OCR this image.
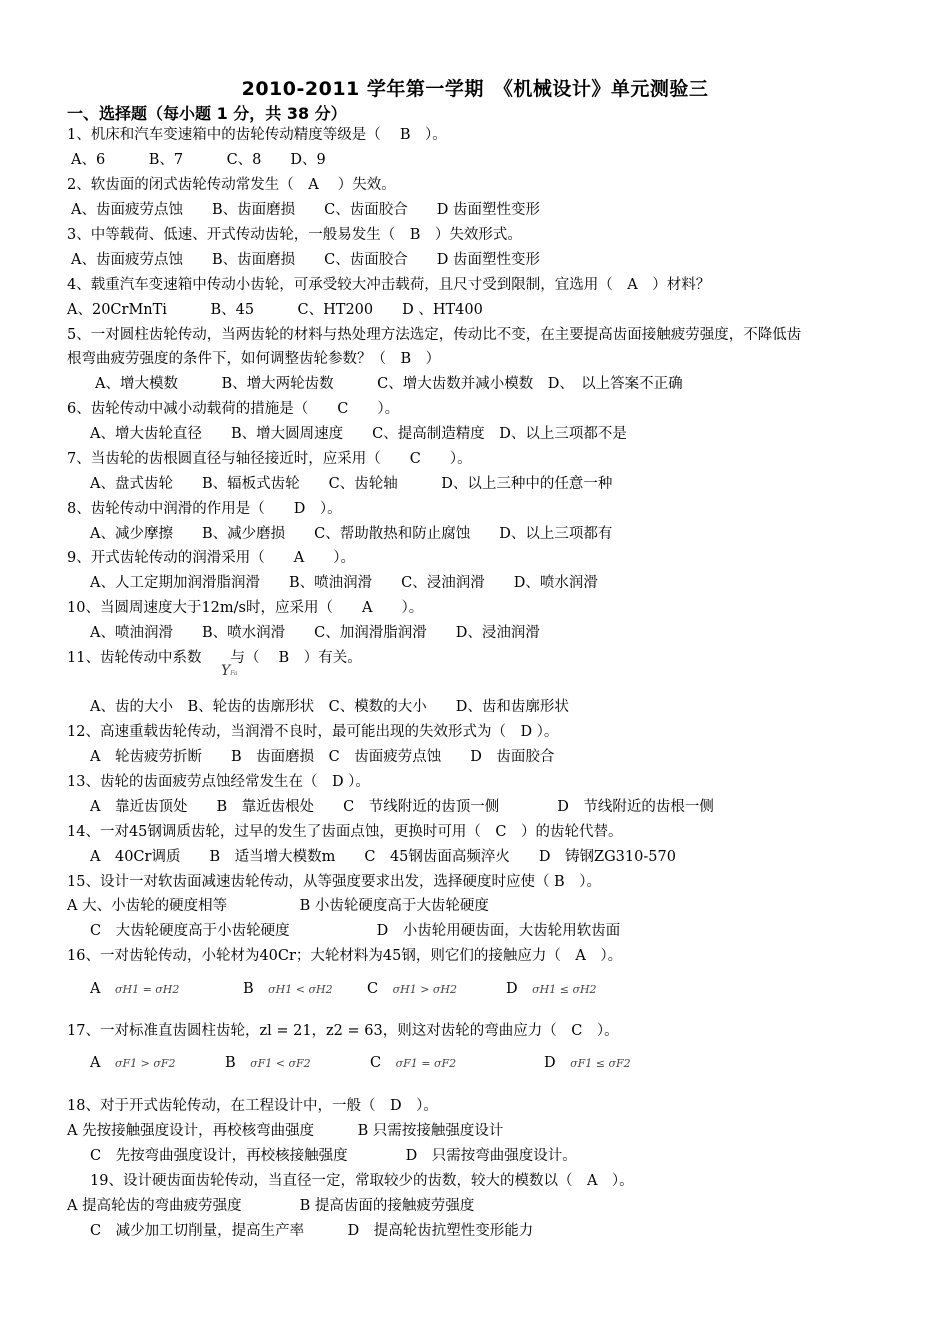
2010-2011 学年第一学期　《机械设计》单元测验三
一、选择题（每小题 1 分，共 38 分）
1、机床和汽车变速箱中的齿轮传动精度等级是（　 B　）。
A、6　　　B、7　　　C、8　　D、9
2、软齿面的闭式齿轮传动常发生（　A　 ）失效。
A、齿面疲劳点蚀　　B、齿面磨损　　C、齿面胶合　　D 齿面塑性变形
3、中等载荷、低速、开式传动齿轮，一般易发生（　B　）失效形式。
A、齿面疲劳点蚀　　B、齿面磨损　　C、齿面胶合　　D 齿面塑性变形
4、载重汽车变速箱中传动小齿轮，可承受较大冲击载荷，且尺寸受到限制，宜选用（　A　）材料？
A、20CrMnTi　　　B、45　　　C、HT200　　D 、HT400
5、一对圆柱齿轮传动，当两齿轮的材料与热处理方法选定，传动比不变，在主要提高齿面接触疲劳强度，不降低齿
根弯曲疲劳强度的条件下，如何调整齿轮参数？（　B　）
A、增大模数　　　B、增大两轮齿数　　　C、增大齿数并减小模数　D、　以上答案不正确
6、齿轮传动中减小动载荷的措施是（　　C　　）。
A、增大齿轮直径　　B、增大圆周速度　　C、提高制造精度　D、以上三项都不是
7、当齿轮的齿根圆直径与轴径接近时，应采用（　　C　　）。
A、盘式齿轮　　B、辐板式齿轮　　C、齿轮轴　　　D、以上三种中的任意一种
8、齿轮传动中润滑的作用是（　　D　）。
A、减少摩擦　　B、减少磨损　　C、帮助散热和防止腐蚀　　D、以上三项都有
9、开式齿轮传动的润滑采用（　　A　　）。
A、人工定期加润滑脂润滑　　B、喷油润滑　　C、浸油润滑　　D、喷水润滑
10、当圆周速度大于12m/s时，应采用（　　A　　）。
A、喷油润滑　　B、喷水润滑　　C、加润滑脂润滑　　D、浸油润滑
11、齿轮传动中系数　　与（　 B　）有关。
YFa
A、齿的大小　B、轮齿的齿廓形状　C、模数的大小　　D、齿和齿廓形状
12、高速重载齿轮传动，当润滑不良时，最可能出现的失效形式为（　D ）。
A　轮齿疲劳折断　　B　齿面磨损　C　齿面疲劳点蚀　　D　齿面胶合
13、齿轮的齿面疲劳点蚀经常发生在（　D ）。
A　靠近齿顶处　　B　靠近齿根处　　C　节线附近的齿顶一侧　　　　D　节线附近的齿根一侧
14、一对45钢调质齿轮，过早的发生了齿面点蚀，更换时可用（　C　）的齿轮代替。
A　40Cr调质　　B　适当增大模数m　　C　45钢齿面高频淬火　　D　铸钢ZG310-570
15、设计一对软齿面减速齿轮传动，从等强度要求出发，选择硬度时应使（ B　）。
A 大、小齿轮的硬度相等　　　　　B 小齿轮硬度高于大齿轮硬度
C　大齿轮硬度高于小齿轮硬度　　　　　　D　小齿轮用硬齿面，大齿轮用软齿面
16、一对齿轮传动，小轮材为40Cr；大轮材料为45钢，则它们的接触应力（　A　）。
A　 σH1 = σH2	B　 σH1 < σH2 C　 σH1 > σH2	D　 σH1 ≤ σH2
17、一对标准直齿圆柱齿轮，zl = 21，z2 = 63，则这对齿轮的弯曲应力（　C　）。
A　 σF1 > σF2	B　 σF1 < σF2	C　 σF1 = σF2	D　 σF1 ≤ σF2
18、对于开式齿轮传动，在工程设计中，一般（　D　）。
A 先按接触强度设计，再校核弯曲强度　　　B 只需按接触强度设计
C　先按弯曲强度设计，再校核接触强度　　　　D　只需按弯曲强度设计。
19、设计硬齿面齿轮传动，当直径一定，常取较少的齿数，较大的模数以（　A　）。
A 提高轮齿的弯曲疲劳强度　　　　B 提高齿面的接触疲劳强度
C　减少加工切削量，提高生产率　　　D　提高轮齿抗塑性变形能力
